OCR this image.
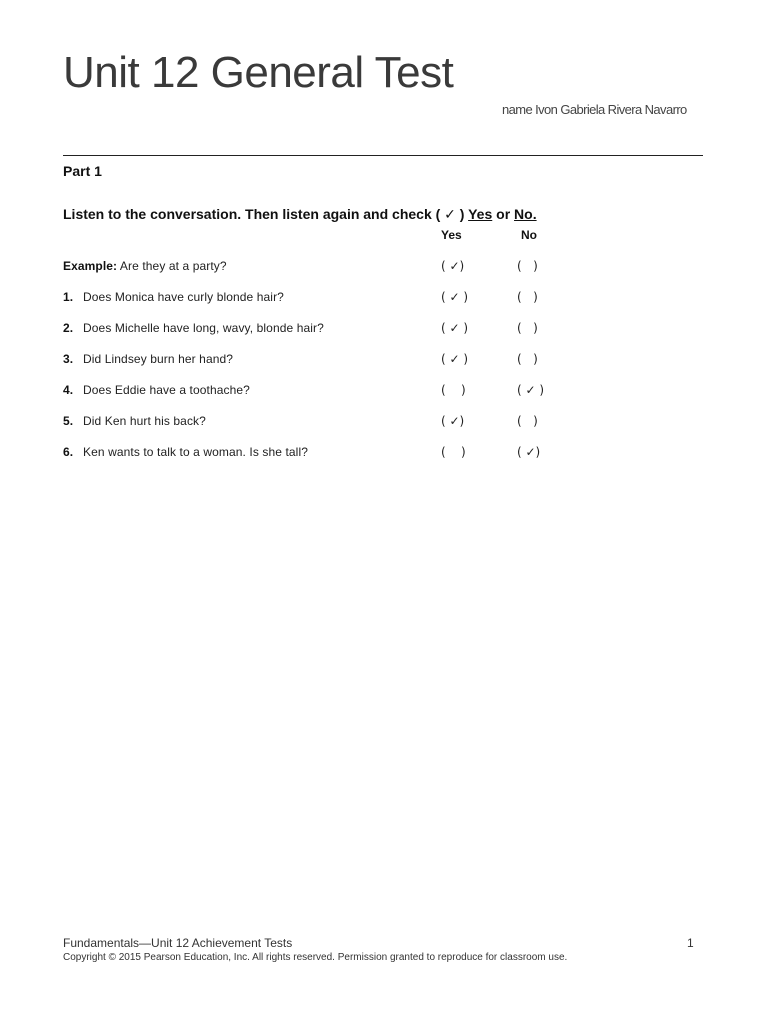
Unit 12 General Test
name Ivon Gabriela Rivera Navarro
Part 1
Listen to the conversation. Then listen again and check ( ✓ ) Yes or No.
Yes	No
Example: Are they at a party?	( ✓)	(   )
1. Does Monica have curly blonde hair?	( ✓ )	(   )
2. Does Michelle have long, wavy, blonde hair?	( ✓ )	(   )
3. Did Lindsey burn her hand?	( ✓ )	(   )
4. Does Eddie have a toothache?	(    )	( ✓ )
5. Did Ken hurt his back?	( ✓)	(   )
6. Ken wants to talk to a woman. Is she tall?	(    )	( ✓)
Fundamentals—Unit 12 Achievement Tests	1
Copyright © 2015 Pearson Education, Inc. All rights reserved. Permission granted to reproduce for classroom use.
